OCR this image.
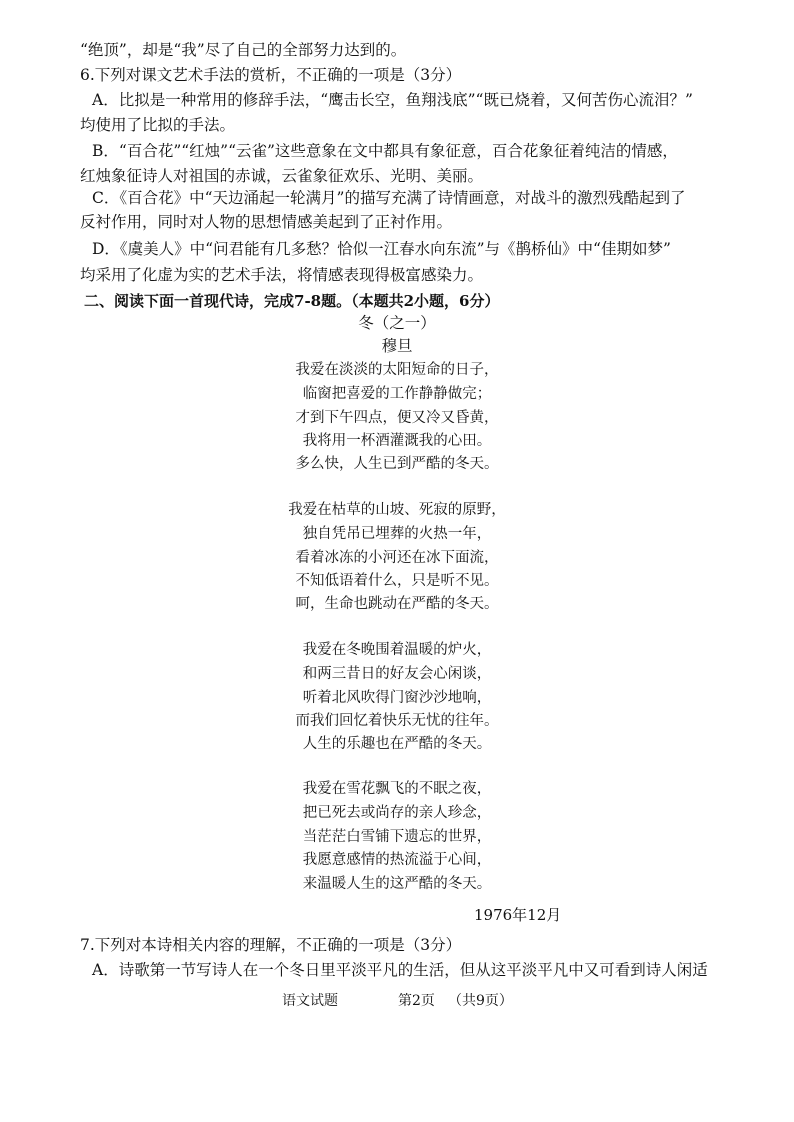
“绝顶”，却是“我”尽了自己的全部努力达到的。
6.下列对课文艺术手法的赏析，不正确的一项是（3分）
A．比拟是一种常用的修辞手法，“鹰击长空，鱼翔浅底”“既已烧着，又何苦伤心流泪？”
均使用了比拟的手法。
B．“百合花”“红烛”“云雀”这些意象在文中都具有象征意，百合花象征着纯洁的情感，
红烛象征诗人对祖国的赤诚，云雀象征欢乐、光明、美丽。
C．《百合花》中“天边涌起一轮满月”的描写充满了诗情画意，对战斗的激烈残酷起到了
反衬作用，同时对人物的思想情感美起到了正衬作用。
D．《虞美人》中“问君能有几多愁？恰似一江春水向东流”与《鹊桥仙》中“佳期如梦”
均采用了化虚为实的艺术手法，将情感表现得极富感染力。
二、阅读下面一首现代诗，完成7-8题。（本题共2小题，6分）
冬（之一）
穆旦
我爱在淡淡的太阳短命的日子，
临窗把喜爱的工作静静做完；
才到下午四点，便又冷又昏黄，
我将用一杯酒灌溉我的心田。
多么快，人生已到严酷的冬天。
我爱在枯草的山坡、死寂的原野，
独自凭吊已埋葬的火热一年，
看着冰冻的小河还在冰下面流，
不知低语着什么，只是听不见。
呵，生命也跳动在严酷的冬天。
我爱在冬晚围着温暖的炉火，
和两三昔日的好友会心闲谈，
听着北风吹得门窗沙沙地响，
而我们回忆着快乐无忧的往年。
人生的乐趣也在严酷的冬天。
我爱在雪花飘飞的不眠之夜，
把已死去或尚存的亲人珍念，
当茫茫白雪铺下遗忘的世界，
我愿意感情的热流溢于心间，
来温暖人生的这严酷的冬天。
1976年12月
7.下列对本诗相关内容的理解，不正确的一项是（3分）
A．诗歌第一节写诗人在一个冬日里平淡平凡的生活，但从这平淡平凡中又可看到诗人闲适
语文试题	第2页 （共9页）
